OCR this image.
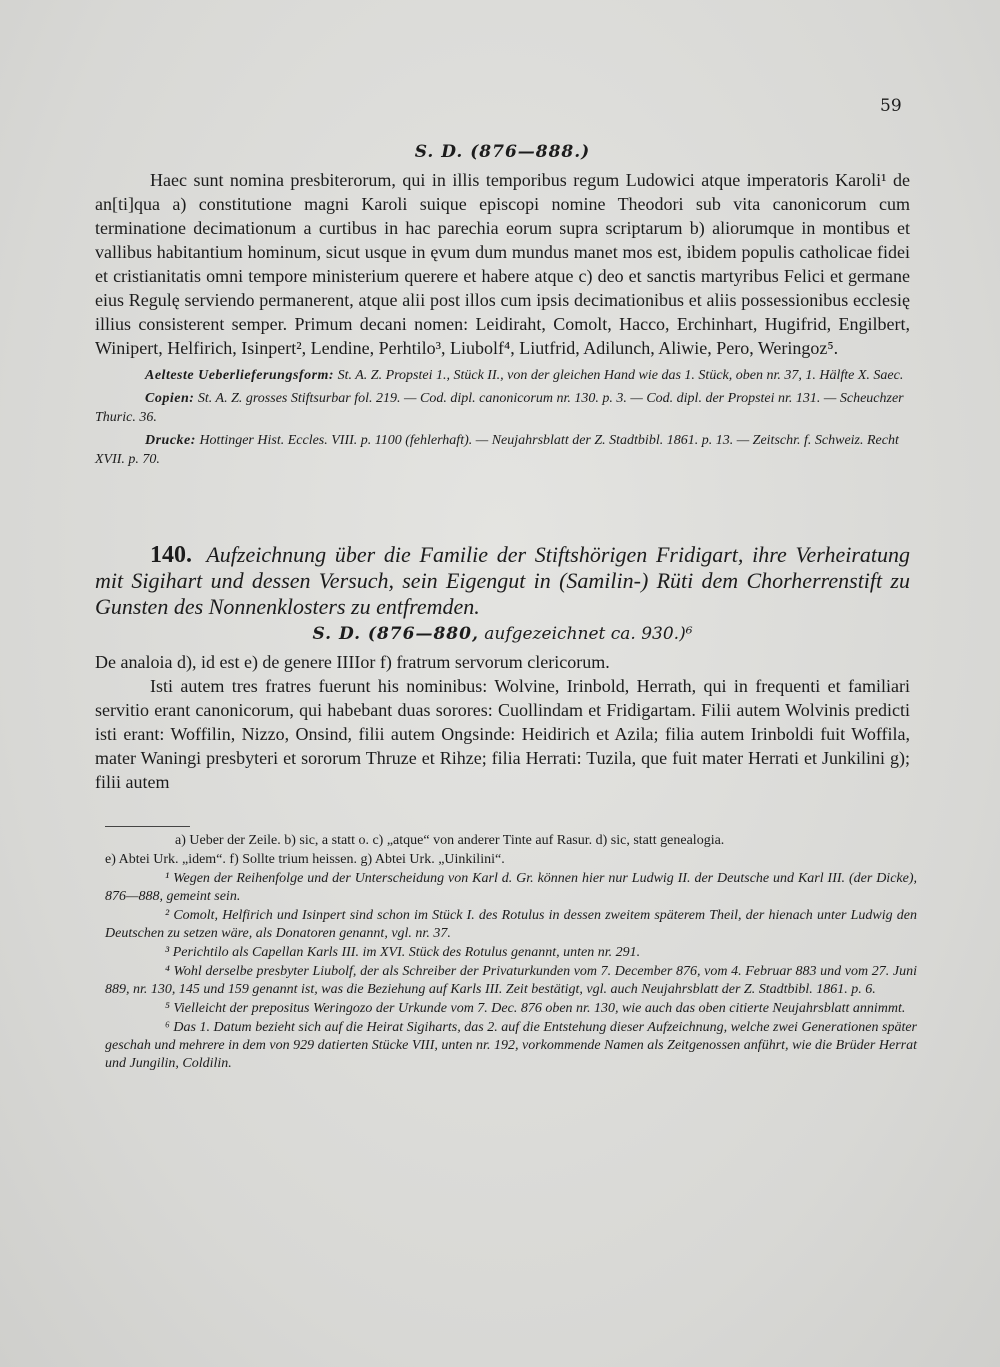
59
S. D. (876—888.)

Haec sunt nomina presbiterorum, qui in illis temporibus regum Ludowici atque imperatoris Karoli¹ de an[ti]qua a) constitutione magni Karoli suique episcopi nomine Theodori sub vita canonicorum cum terminatione decimationum a curtibus in hac parechia eorum supra scriptarum b) aliorumque in montibus et vallibus habitantium hominum, sicut usque in ęvum dum mundus manet mos est, ibidem populis catholicae fidei et cristianitatis omni tempore ministerium querere et habere atque c) deo et sanctis martyribus Felici et germane eius Regulę serviendo permanerent, atque alii post illos cum ipsis decimationibus et aliis possessionibus ecclesię illius consisterent semper. Primum decani nomen: Leidiraht, Comolt, Hacco, Erchinhart, Hugifrid, Engilbert, Winipert, Helfirich, Isinpert², Lendine, Perhtilo³, Liubolf⁴, Liutfrid, Adilunch, Aliwie, Pero, Weringoz⁵.

Aelteste Ueberlieferungsform: St. A. Z. Propstei 1., Stück II., von der gleichen Hand wie das 1. Stück, oben nr. 37, 1. Hälfte X. Saec.

Copien: St. A. Z. grosses Stiftsurbar fol. 219. — Cod. dipl. canonicorum nr. 130. p. 3. — Cod. dipl. der Propstei nr. 131. — Scheuchzer Thuric. 36.

Drucke: Hottinger Hist. Eccles. VIII. p. 1100 (fehlerhaft). — Neujahrsblatt der Z. Stadtbibl. 1861. p. 13. — Zeitschr. f. Schweiz. Recht XVII. p. 70.

140. Aufzeichnung über die Familie der Stiftshörigen Fridigart, ihre Verheiratung mit Sigihart und dessen Versuch, sein Eigengut in (Samilin-) Rüti dem Chorherrenstift zu Gunsten des Nonnenklosters zu entfremden.
S. D. (876—880, aufgezeichnet ca. 930.)⁶

De analoia d), id est e) de genere IIIIor f) fratrum servorum clericorum.

Isti autem tres fratres fuerunt his nominibus: Wolvine, Irinbold, Herrath, qui in frequenti et familiari servitio erant canonicorum, qui habebant duas sorores: Cuollindam et Fridigartam. Filii autem Wolvinis predicti isti erant: Woffilin, Nizzo, Onsind, filii autem Ongsinde: Heidirich et Azila; filia autem Irinboldi fuit Woffila, mater Waningi presbyteri et sororum Thruze et Rihze; filia Herrati: Tuzila, que fuit mater Herrati et Junkilini g); filii autem

a) Ueber der Zeile. b) sic, a statt o. c) „atque“ von anderer Tinte auf Rasur. d) sic, statt genealogia.

e) Abtei Urk. „idem“. f) Sollte trium heissen. g) Abtei Urk. „Uinkilini“.

¹ Wegen der Reihenfolge und der Unterscheidung von Karl d. Gr. können hier nur Ludwig II. der Deutsche und Karl III. (der Dicke), 876—888, gemeint sein.

² Comolt, Helfirich und Isinpert sind schon im Stück I. des Rotulus in dessen zweitem späterem Theil, der hienach unter Ludwig den Deutschen zu setzen wäre, als Donatoren genannt, vgl. nr. 37.

³ Perichtilo als Capellan Karls III. im XVI. Stück des Rotulus genannt, unten nr. 291.

⁴ Wohl derselbe presbyter Liubolf, der als Schreiber der Privaturkunden vom 7. December 876, vom 4. Februar 883 und vom 27. Juni 889, nr. 130, 145 und 159 genannt ist, was die Beziehung auf Karls III. Zeit bestätigt, vgl. auch Neujahrsblatt der Z. Stadtbibl. 1861. p. 6.

⁵ Vielleicht der prepositus Weringozo der Urkunde vom 7. Dec. 876 oben nr. 130, wie auch das oben citierte Neujahrsblatt annimmt.

⁶ Das 1. Datum bezieht sich auf die Heirat Sigiharts, das 2. auf die Entstehung dieser Aufzeichnung, welche zwei Generationen später geschah und mehrere in dem von 929 datierten Stücke VIII, unten nr. 192, vorkommende Namen als Zeitgenossen anführt, wie die Brüder Herrat und Jungilin, Coldilin.
